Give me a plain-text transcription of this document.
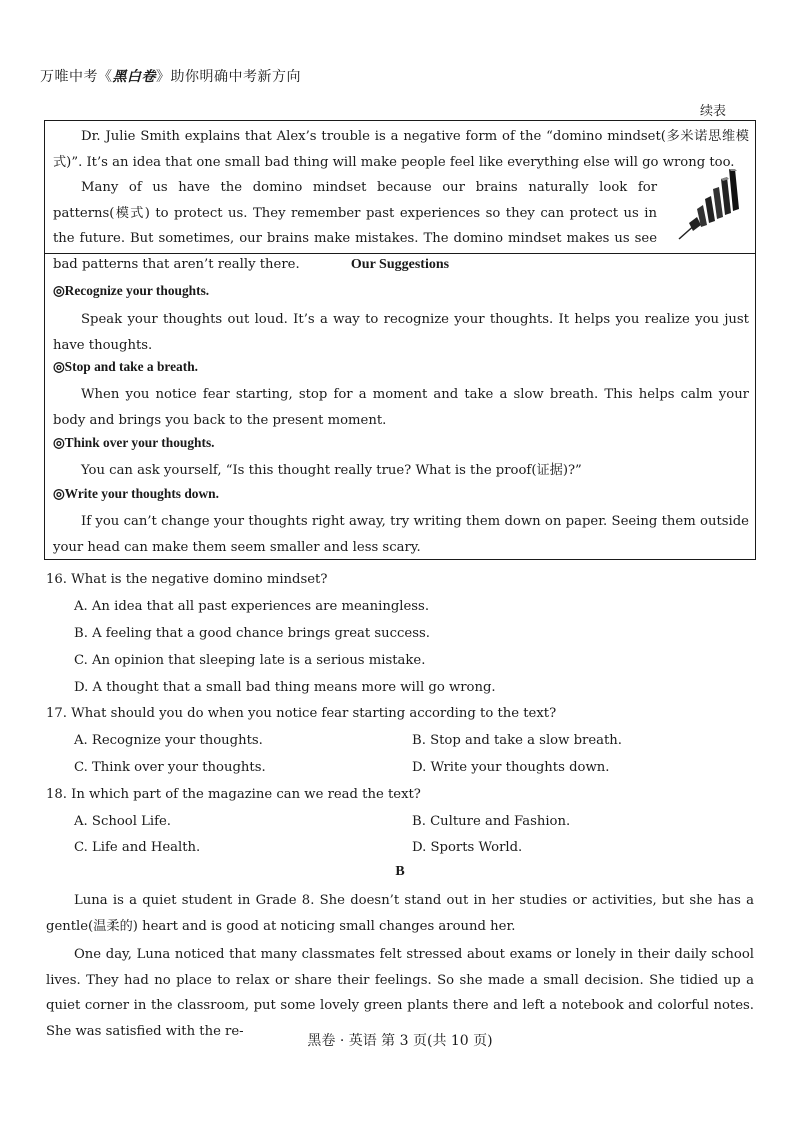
万唯中考《黑白卷》助你明确中考新方向
续表
Dr. Julie Smith explains that Alex’s trouble is a negative form of the “domino mindset(多米诺思维模式)”. It’s an idea that one small bad thing will make people feel like everything else will go wrong too.
Many of us have the domino mindset because our brains naturally look for patterns(模式) to protect us. They remember past experiences so they can protect us in the future. But sometimes, our brains make mistakes. The domino mindset makes us see bad patterns that aren’t really there.	Our Suggestions
◎Recognize your thoughts.
Speak your thoughts out loud. It’s a way to recognize your thoughts. It helps you realize you just have thoughts.
◎Stop and take a breath.
When you notice fear starting, stop for a moment and take a slow breath. This helps calm your body and brings you back to the present moment.
◎Think over your thoughts.
You can ask yourself, “Is this thought really true? What is the proof(证据)?”
◎Write your thoughts down.
If you can’t change your thoughts right away, try writing them down on paper. Seeing them outside your head can make them seem smaller and less scary.
16. What is the negative domino mindset?
A. An idea that all past experiences are meaningless.
B. A feeling that a good chance brings great success.
C. An opinion that sleeping late is a serious mistake.
D. A thought that a small bad thing means more will go wrong.
17. What should you do when you notice fear starting according to the text?
A. Recognize your thoughts.	B. Stop and take a slow breath.
C. Think over your thoughts.	D. Write your thoughts down.
18. In which part of the magazine can we read the text?
A. School Life.	B. Culture and Fashion.
C. Life and Health.	D. Sports World.
B
Luna is a quiet student in Grade 8. She doesn’t stand out in her studies or activities, but she has a gentle(温柔的) heart and is good at noticing small changes around her.
One day, Luna noticed that many classmates felt stressed about exams or lonely in their daily school lives. They had no place to relax or share their feelings. So she made a small decision. She tidied up a quiet corner in the classroom, put some lovely green plants there and left a notebook and colorful notes. She was satisfied with the re-
黑卷 · 英语 第 3 页(共 10 页)
